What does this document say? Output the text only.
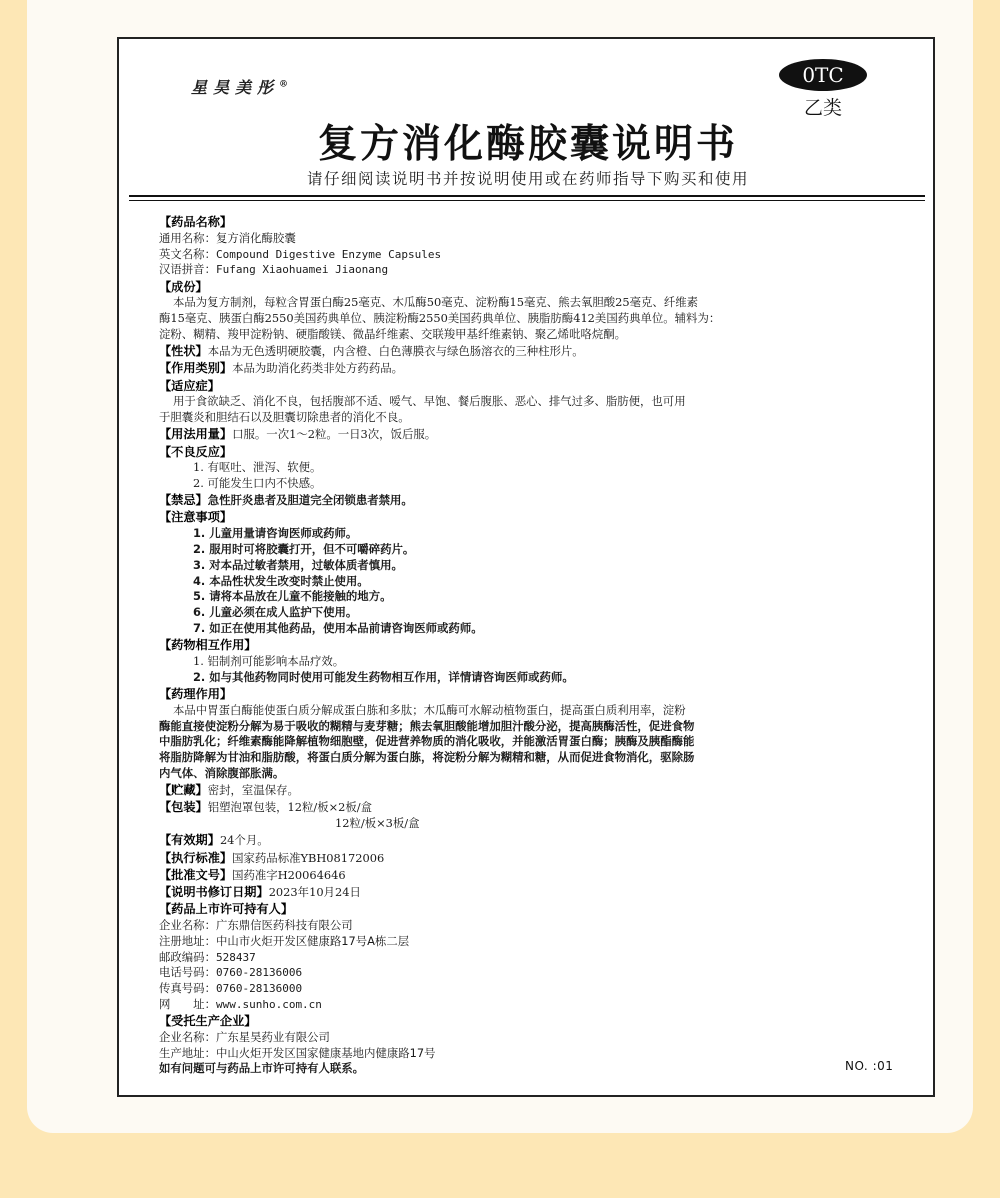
星昊美彤®	0TC
乙类
复方消化酶胶囊说明书
请仔细阅读说明书并按说明使用或在药师指导下购买和使用
【药品名称】
通用名称：复方消化酶胶囊
英文名称：Compound Digestive Enzyme Capsules
汉语拼音：Fufang Xiaohuamei Jiaonang
【成份】
本品为复方制剂，每粒含胃蛋白酶25毫克、木瓜酶50毫克、淀粉酶15毫克、熊去氧胆酸25毫克、纤维素
酶15毫克、胰蛋白酶2550美国药典单位、胰淀粉酶2550美国药典单位、胰脂肪酶412美国药典单位。辅料为：
淀粉、糊精、羧甲淀粉钠、硬脂酸镁、微晶纤维素、交联羧甲基纤维素钠、聚乙烯吡咯烷酮。
【性状】本品为无色透明硬胶囊，内含橙、白色薄膜衣与绿色肠溶衣的三种柱形片。
【作用类别】本品为助消化药类非处方药药品。
【适应症】
用于食欲缺乏、消化不良，包括腹部不适、嗳气、早饱、餐后腹胀、恶心、排气过多、脂肪便，也可用
于胆囊炎和胆结石以及胆囊切除患者的消化不良。
【用法用量】口服。一次1～2粒。一日3次，饭后服。
【不良反应】
1. 有呕吐、泄泻、软便。
2. 可能发生口内不快感。
【禁忌】急性肝炎患者及胆道完全闭锁患者禁用。
【注意事项】
1. 儿童用量请咨询医师或药师。
2. 服用时可将胶囊打开，但不可嚼碎药片。
3. 对本品过敏者禁用，过敏体质者慎用。
4. 本品性状发生改变时禁止使用。
5. 请将本品放在儿童不能接触的地方。
6. 儿童必须在成人监护下使用。
7. 如正在使用其他药品，使用本品前请咨询医师或药师。
【药物相互作用】
1. 铝制剂可能影响本品疗效。
2. 如与其他药物同时使用可能发生药物相互作用，详情请咨询医师或药师。
【药理作用】
本品中胃蛋白酶能使蛋白质分解成蛋白胨和多肽；木瓜酶可水解动植物蛋白，提高蛋白质利用率，淀粉
酶能直接使淀粉分解为易于吸收的糊精与麦芽糖；熊去氧胆酸能增加胆汁酸分泌，提高胰酶活性，促进食物
中脂肪乳化；纤维素酶能降解植物细胞壁，促进营养物质的消化吸收，并能激活胃蛋白酶；胰酶及胰酯酶能
将脂肪降解为甘油和脂肪酸，将蛋白质分解为蛋白胨，将淀粉分解为糊精和糖，从而促进食物消化，驱除肠
内气体、消除腹部胀满。
【贮藏】密封，室温保存。
【包装】铝塑泡罩包装，12粒/板×2板/盒
12粒/板×3板/盒
【有效期】24个月。
【执行标准】国家药品标准YBH08172006
【批准文号】国药准字H20064646
【说明书修订日期】2023年10月24日
【药品上市许可持有人】
企业名称：广东鼎信医药科技有限公司
注册地址：中山市火炬开发区健康路17号A栋二层
邮政编码：528437
电话号码：0760-28136006
传真号码：0760-28136000
网　　址：www.sunho.com.cn
【受托生产企业】
企业名称：广东星昊药业有限公司
生产地址：中山火炬开发区国家健康基地内健康路17号
如有问题可与药品上市许可持有人联系。	NO. :01
